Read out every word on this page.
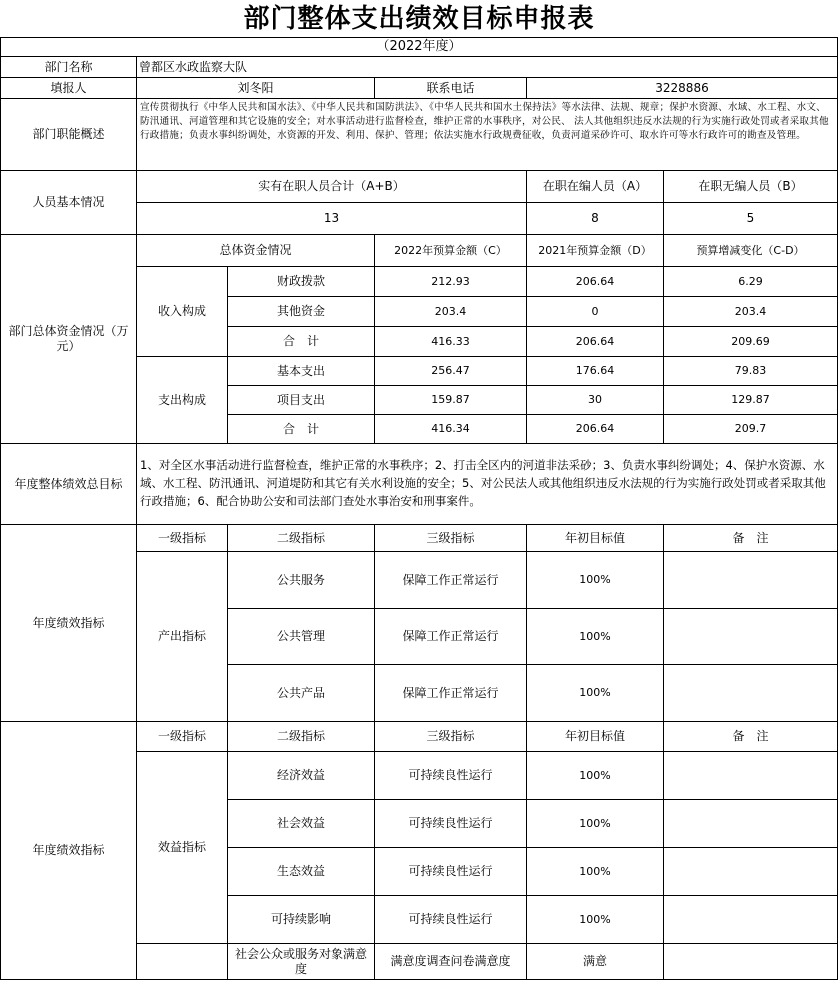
部门整体支出绩效目标申报表
（2022年度）					
部门名称	曾都区水政监察大队				
填报人	刘冬阳		联系电话	3228886	
部门职能概述	宣传贯彻执行《中华人民共和国水法》、《中华人民共和国防洪法》、《中华人民共和国水土保持法》等水法律、法规、规章；保护水资源、水域、水工程、水文、防汛通讯、河道管理和其它设施的安全；对水事活动进行监督检查，维护正常的水事秩序，对公民、 法人其他组织违反水法规的行为实施行政处罚或者采取其他行政措施；负责水事纠纷调处，水资源的开发、利用、保护、管理；依法实施水行政规费征收，负责河道采砂许可、取水许可等水行政许可的勘查及管理。				
人员基本情况	实有在职人员合计（A+B）			在职在编人员（A）	在职无编人员（B）
	13			8	5
部门总体资金情况（万元）	总体资金情况		2022年预算金额（C）	2021年预算金额（D）	预算增减变化（C-D）
	收入构成	财政拨款	212.93	206.64	6.29
		其他资金	203.4	0	203.4
		合　计	416.33	206.64	209.69
	支出构成	基本支出	256.47	176.64	79.83
		项目支出	159.87	30	129.87
		合　计	416.34	206.64	209.7
年度整体绩效总目标	1、对全区水事活动进行监督检查，维护正常的水事秩序；2、打击全区内的河道非法采砂；3、负责水事纠纷调处；4、保护水资源、水域、水工程、防汛通讯、河道堤防和其它有关水利设施的安全；5、对公民法人或其他组织违反水法规的行为实施行政处罚或者采取其他行政措施；6、配合协助公安和司法部门查处水事治安和刑事案件。				
年度绩效指标	一级指标	二级指标	三级指标	年初目标值	备　注
	产出指标	公共服务	保障工作正常运行	100%	
		公共管理	保障工作正常运行	100%	
		公共产品	保障工作正常运行	100%	
年度绩效指标	一级指标	二级指标	三级指标	年初目标值	备　注
	效益指标	经济效益	可持续良性运行	100%	
		社会效益	可持续良性运行	100%	
		生态效益	可持续良性运行	100%	
		可持续影响	可持续良性运行	100%	
		社会公众或服务对象满意度	满意度调查问卷满意度	满意	
